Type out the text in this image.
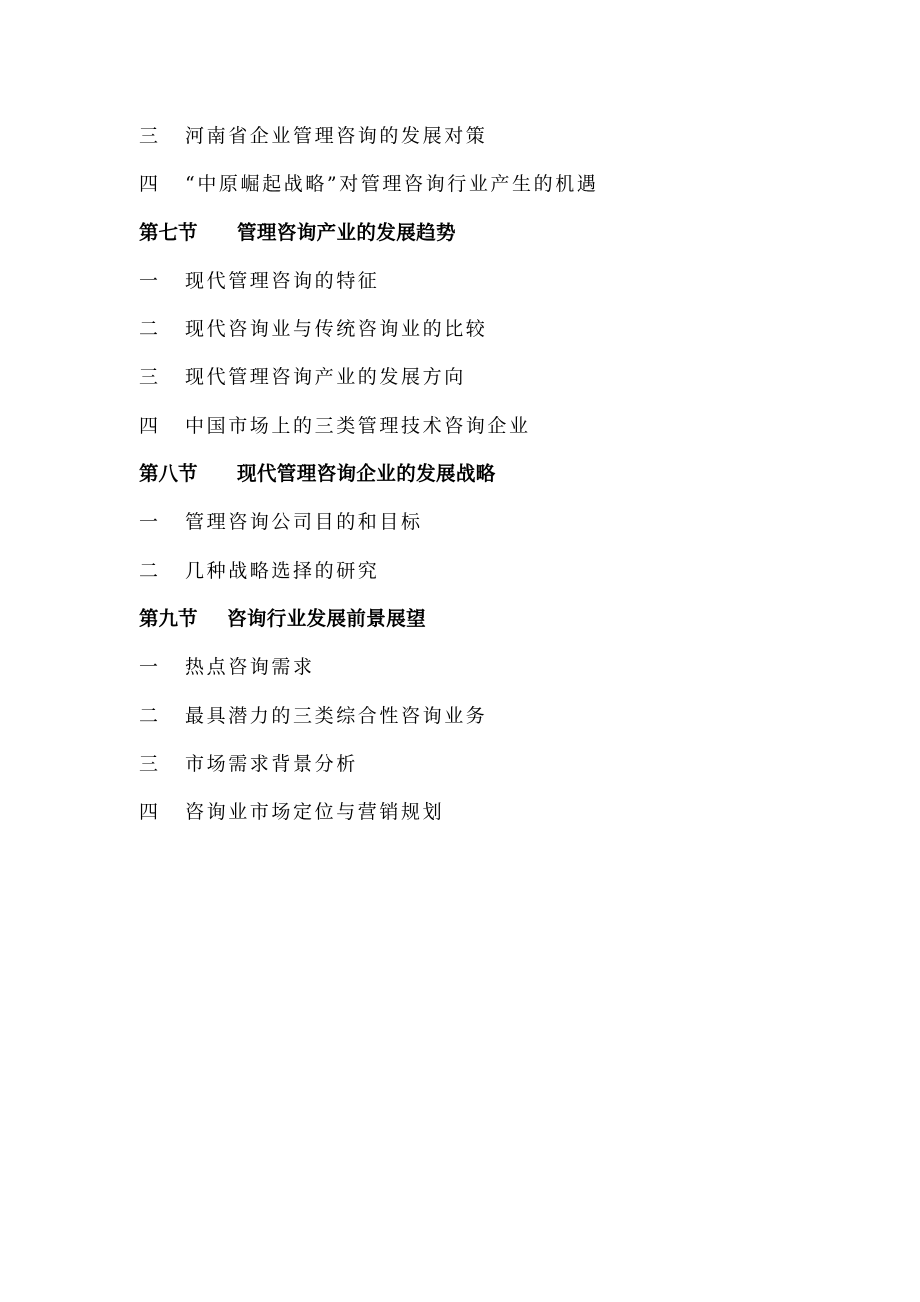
三 河南省企业管理咨询的发展对策
四 “中原崛起战略”对管理咨询行业产生的机遇
第七节 管理咨询产业的发展趋势
一 现代管理咨询的特征
二 现代咨询业与传统咨询业的比较
三 现代管理咨询产业的发展方向
四 中国市场上的三类管理技术咨询企业
第八节 现代管理咨询企业的发展战略
一 管理咨询公司目的和目标
二 几种战略选择的研究
第九节 咨询行业发展前景展望
一 热点咨询需求
二 最具潜力的三类综合性咨询业务
三 市场需求背景分析
四 咨询业市场定位与营销规划
